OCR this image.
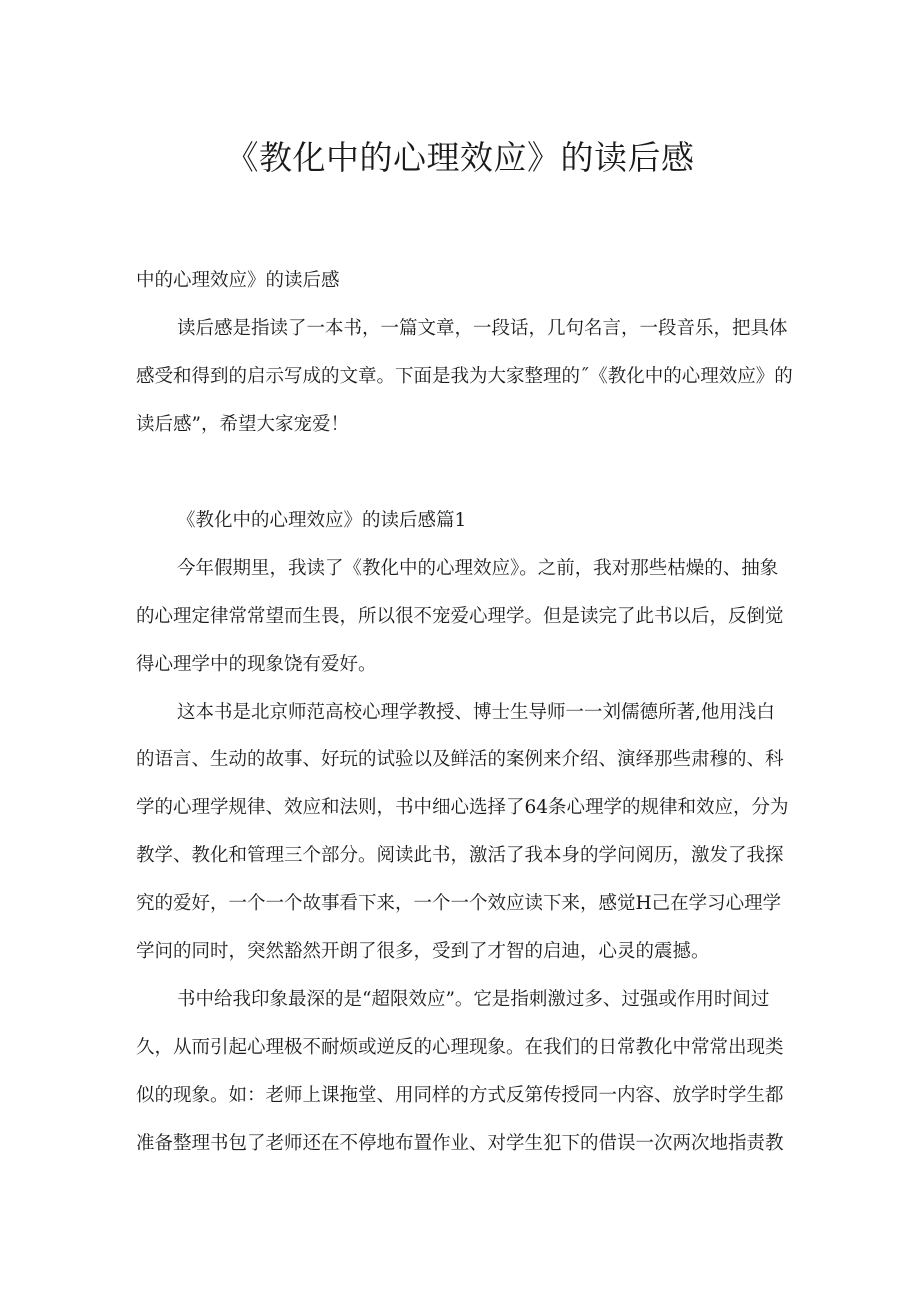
《教化中的心理效应》的读后感
中的心理效应》的读后感
读后感是指读了一本书，一篇文章，一段话，几句名言，一段音乐，把具体
感受和得到的启示写成的文章。下面是我为大家整理的˝《教化中的心理效应》的
读后感”，希望大家宠爱！
《教化中的心理效应》的读后感篇1
今年假期里，我读了《教化中的心理效应》。之前，我对那些枯燥的、抽象
的心理定律常常望而生畏，所以很不宠爱心理学。但是读完了此书以后，反倒觉
得心理学中的现象饶有爱好。
这本书是北京师范高校心理学教授、博士生导师一一刘儒德所著,他用浅白
的语言、生动的故事、好玩的试验以及鲜活的案例来介绍、演绎那些肃穆的、科
学的心理学规律、效应和法则，书中细心选择了64条心理学的规律和效应，分为
教学、教化和管理三个部分。阅读此书，激活了我本身的学问阅历，激发了我探
究的爱好，一个一个故事看下来，一个一个效应读下来，感觉H己在学习心理学
学问的同时，突然豁然开朗了很多，受到了才智的启迪，心灵的震撼。
书中给我印象最深的是“超限效应”。它是指刺激过多、过强或作用时间过
久，从而引起心理极不耐烦或逆反的心理现象。在我们的日常教化中常常出现类
似的现象。如：老师上课拖堂、用同样的方式反第传授同一内容、放学时学生都
准备整理书包了老师还在不停地布置作业、对学生犯下的借误一次两次地指责教
